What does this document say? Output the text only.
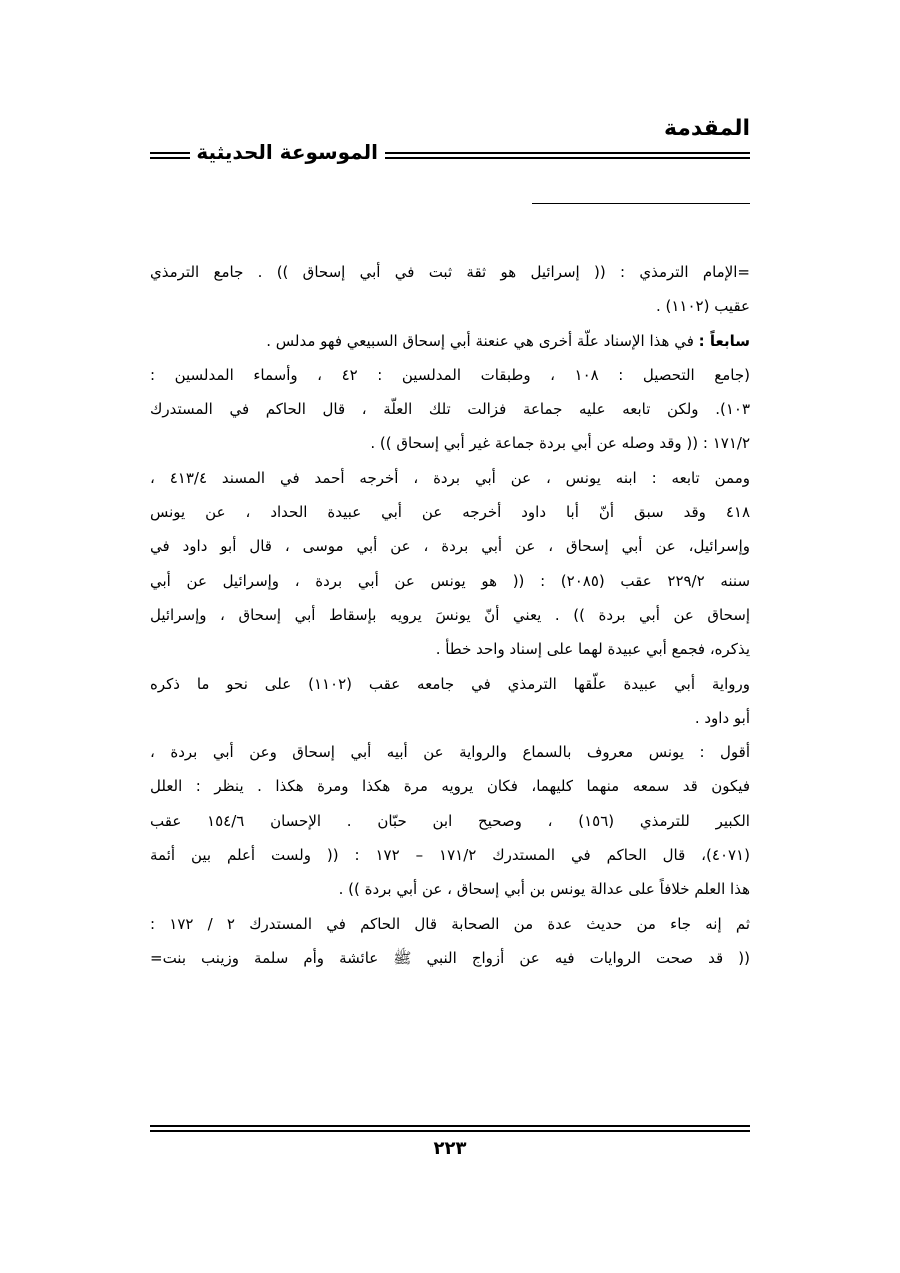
المقدمة
الموسوعة الحديثية
=الإمام الترمذي : (( إسرائيل هو ثقة ثبت في أبي إسحاق )) . جامع الترمذي
عقيب (١١٠٢) .
سابعاً : في هذا الإسناد علّة أخرى هي عنعنة أبي إسحاق السبيعي فهو مدلس .
(جامع التحصيل : ١٠٨ ، وطبقات المدلسين : ٤٢ ، وأسماء المدلسين :
١٠٣). ولكن تابعه عليه جماعة فزالت تلك العلّة ، قال الحاكم في المستدرك
١٧١/٢ : (( وقد وصله عن أبي بردة جماعة غير أبي إسحاق )) .
وممن تابعه : ابنه يونس ، عن أبي بردة ، أخرجه أحمد في المسند ٤١٣/٤ ،
٤١٨ وقد سبق أنّ أبا داود أخرجه عن أبي عبيدة الحداد ، عن يونس
وإسرائيل، عن أبي إسحاق ، عن أبي بردة ، عن أبي موسى ، قال أبو داود في
سننه ٢٢٩/٢ عقب (٢٠٨٥) : (( هو يونس عن أبي بردة ، وإسرائيل عن أبي
إسحاق عن أبي بردة )) . يعني أنّ يونسَ يرويه بإسقاط أبي إسحاق ، وإسرائيل
يذكره، فجمع أبي عبيدة لهما على إسناد واحد خطأ .
ورواية أبي عبيدة علّقها الترمذي في جامعه عقب (١١٠٢) على نحو ما ذكره
أبو داود .
أقول : يونس معروف بالسماع والرواية عن أبيه أبي إسحاق وعن أبي بردة ،
فيكون قد سمعه منهما كليهما، فكان يرويه مرة هكذا ومرة هكذا . ينظر : العلل
الكبير للترمذي (١٥٦) ، وصحيح ابن حبّان . الإحسان ١٥٤/٦ عقب
(٤٠٧١)، قال الحاكم في المستدرك ١٧١/٢ – ١٧٢ : (( ولست أعلم بين أئمة
هذا العلم خلافاً على عدالة يونس بن أبي إسحاق ، عن أبي بردة )) .
ثم إنه جاء من حديث عدة من الصحابة قال الحاكم في المستدرك ٢ / ١٧٢ :
(( قد صحت الروايات فيه عن أزواج النبي ﷺ عائشة وأم سلمة وزينب بنت=
٢٢٣
